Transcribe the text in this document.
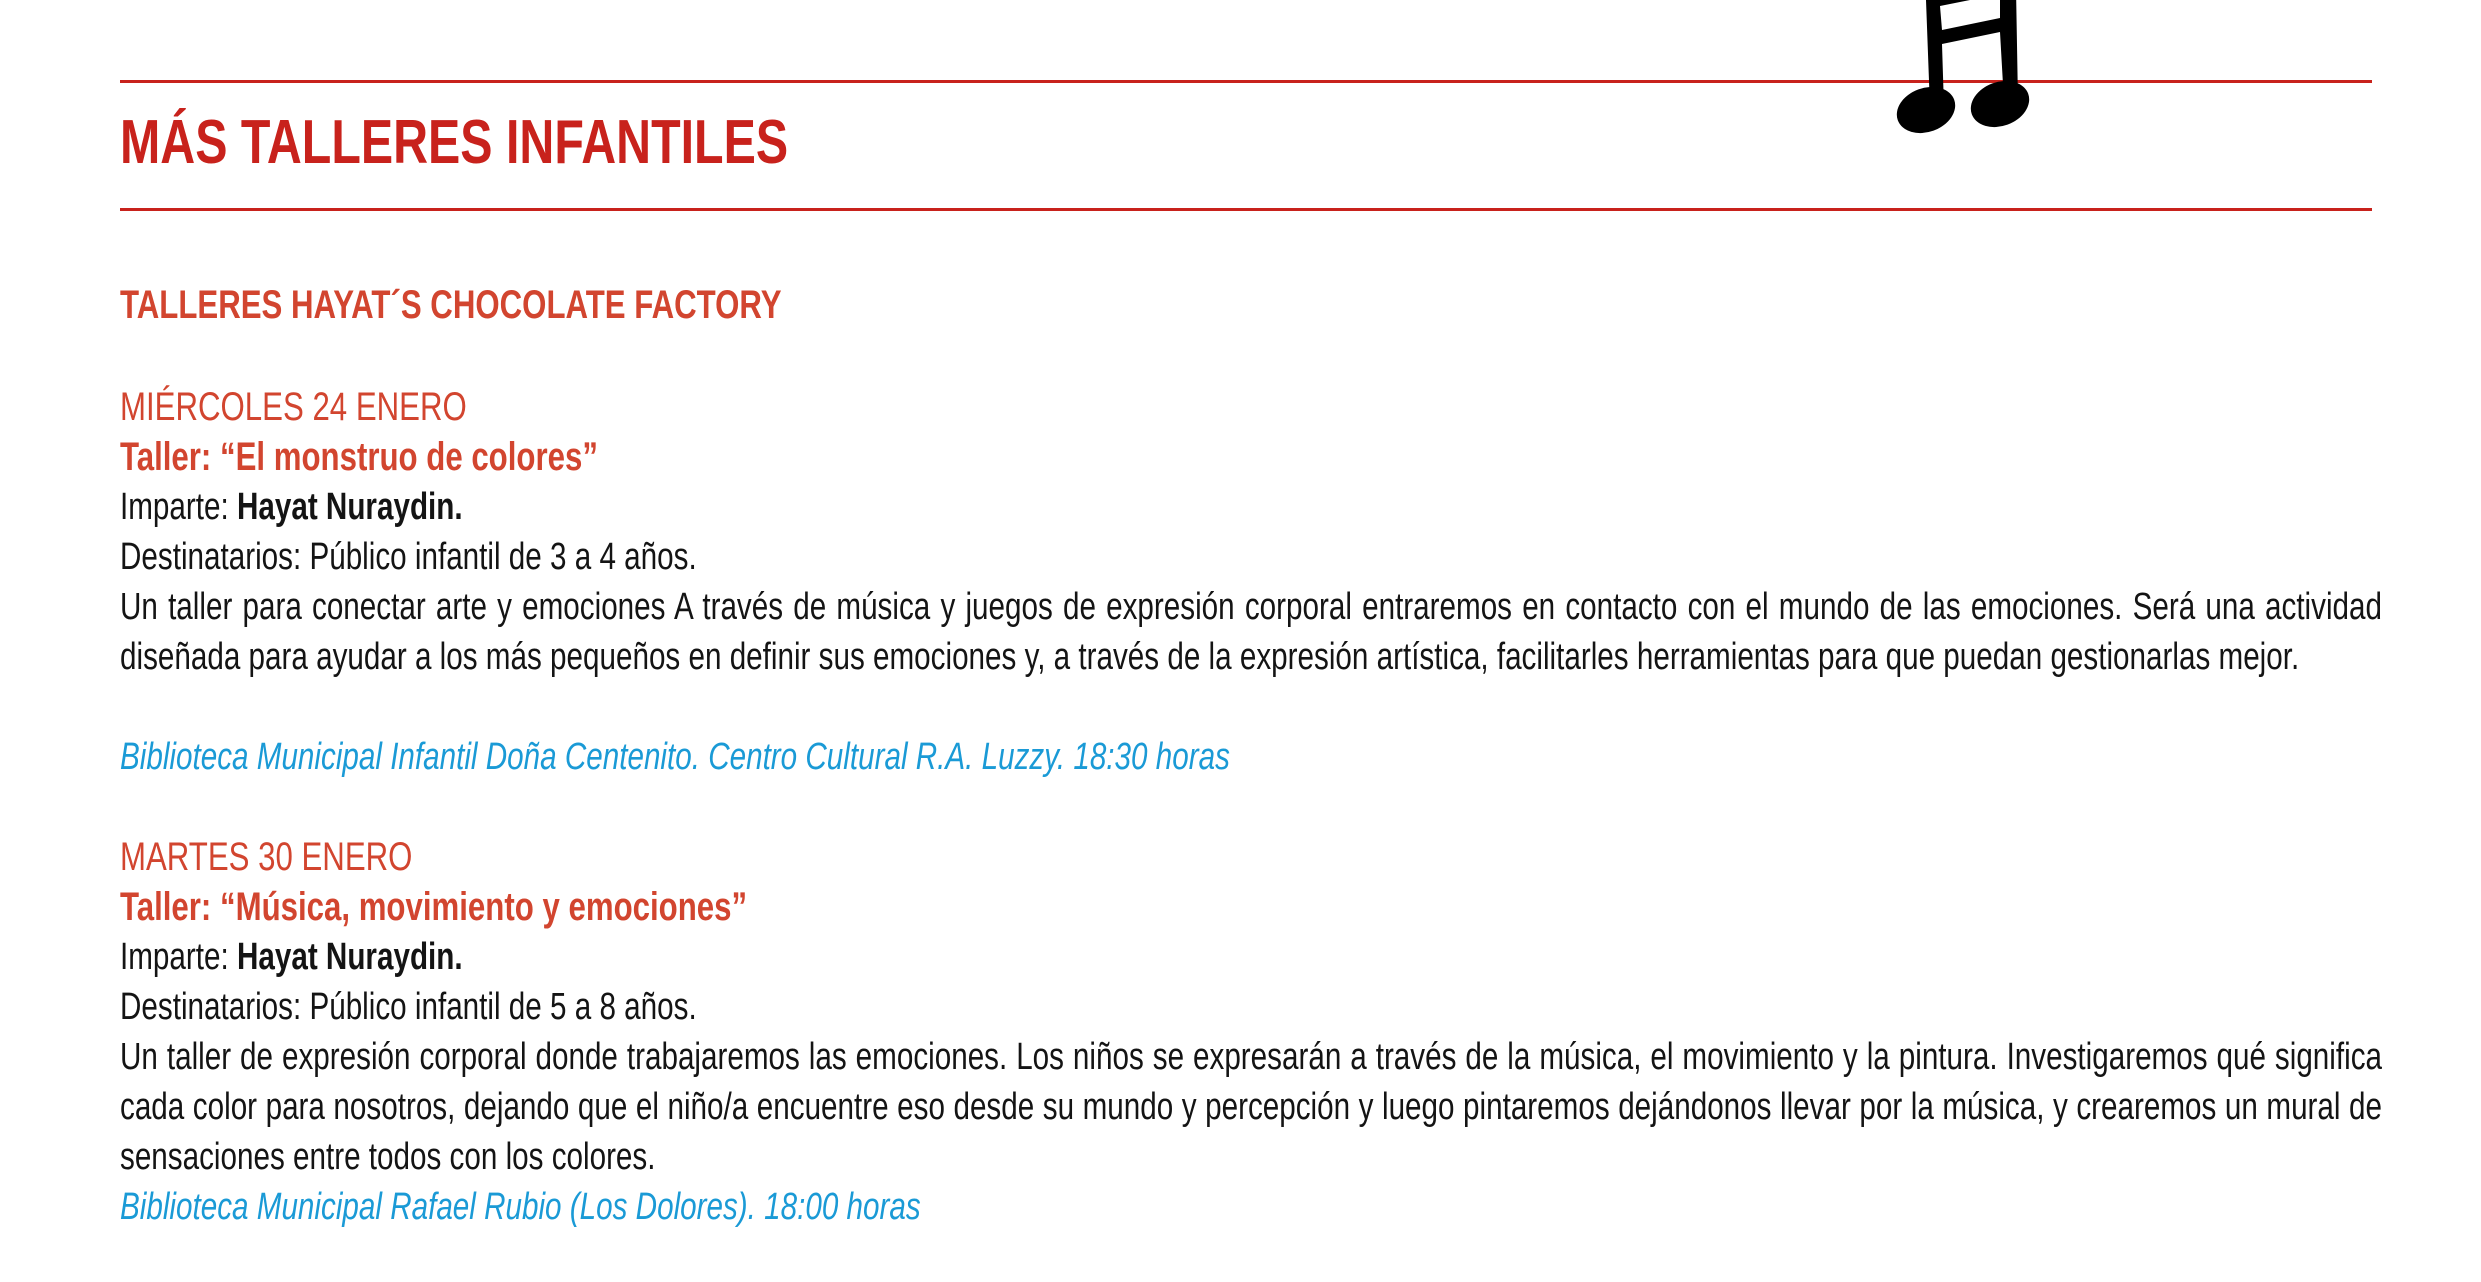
MÁS TALLERES INFANTILES
TALLERES HAYAT´S CHOCOLATE FACTORY
MIÉRCOLES 24 ENERO
Taller: “El monstruo de colores”
Imparte: Hayat Nuraydin.
Destinatarios: Público infantil de 3 a 4 años.
Un taller para conectar arte y emociones A través de música y juegos de expresión corporal entraremos en contacto con el mundo de las emociones. Será una actividad diseñada para ayudar a los más pequeños en definir sus emociones y, a través de la expresión artística, facilitarles herramientas para que puedan gestionarlas mejor.
Biblioteca Municipal Infantil Doña Centenito. Centro Cultural R.A. Luzzy. 18:30 horas
MARTES 30 ENERO
Taller: “Música, movimiento y emociones”
Imparte: Hayat Nuraydin.
Destinatarios: Público infantil de 5 a 8 años.
Un taller de expresión corporal donde trabajaremos las emociones. Los niños se expresarán a través de la música, el movimiento y la pintura. Investigaremos qué significa cada color para nosotros, dejando que el niño/a encuentre eso desde su mundo y percepción y luego pintaremos dejándonos llevar por la música, y crearemos un mural de sensaciones entre todos con los colores.
Biblioteca Municipal Rafael Rubio (Los Dolores). 18:00 horas
